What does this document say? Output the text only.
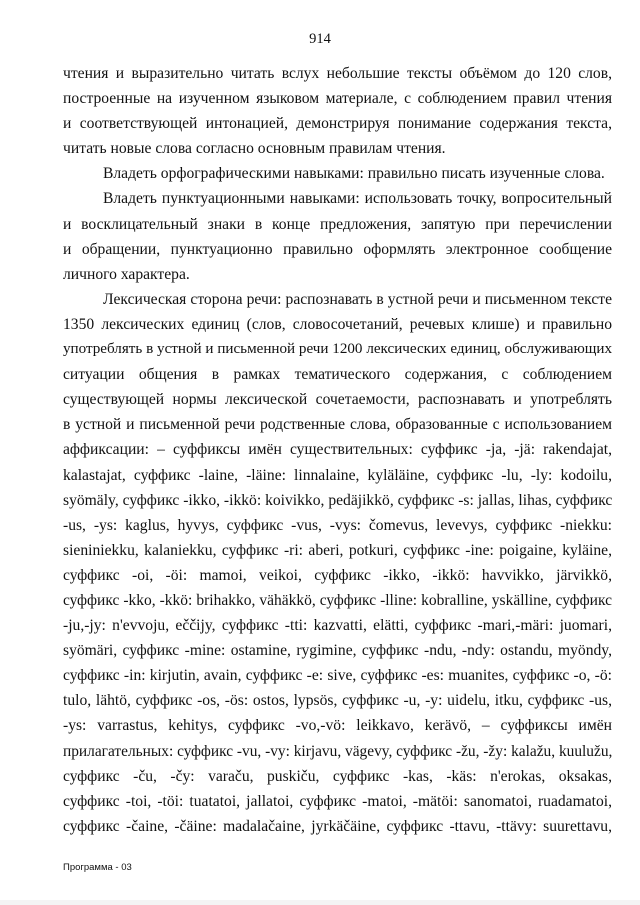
914
чтения и выразительно читать вслух небольшие тексты объёмом до 120 слов,
построенные на изученном языковом материале, с соблюдением правил чтения
и соответствующей интонацией, демонстрируя понимание содержания текста,
читать новые слова согласно основным правилам чтения.
Владеть орфографическими навыками: правильно писать изученные слова.
Владеть пунктуационными навыками: использовать точку, вопросительный
и восклицательный знаки в конце предложения, запятую при перечислении
и обращении, пунктуационно правильно оформлять электронное сообщение
личного характера.
Лексическая сторона речи: распознавать в устной речи и письменном тексте
1350 лексических единиц (слов, словосочетаний, речевых клише) и правильно
употреблять в устной и письменной речи 1200 лексических единиц, обслуживающих
ситуации общения в рамках тематического содержания, с соблюдением
существующей нормы лексической сочетаемости, распознавать и употреблять
в устной и письменной речи родственные слова, образованные с использованием
аффиксации: – суффиксы имён существительных: суффикс -ja, -jä: rakendajat,
kalastajat, суффикс -laine, -läine: linnalaine, kyläläine, суффикс -lu, -ly: kodoilu,
syömäly, суффикс -ikko, -ikkö: koivikko, pedäjikkö, суффикс -s: jallas, lihas, суффикс
-us, -ys: kaglus, hyvys, суффикс -vus, -vys: čomevus, levevys, суффикс -niekku:
sieniniekku, kalaniekku, суффикс -ri: aberi, potkuri, суффикс -ine: poigaine, kyläine,
суффикс -oi, -öi: mamoi, veikoi, суффикс -ikko, -ikkö: havvikko, järvikkö,
суффикс -kko, -kkö: brihakko, vähäkkö, суффикс -lline: kobralline, yskälline, суффикс
-ju,-jy: n'evvoju, eččijy, суффикс -tti: kazvatti, elätti, суффикс -mari,-märi: juomari,
syömäri, суффикс -mine: ostamine, rygimine, суффикс -ndu, -ndy: ostandu, myöndy,
суффикс -in: kirjutin, avain, суффикс -e: sive, суффикс -es: muanites, суффикс -o, -ö:
tulo, lähtö, суффикс -os, -ös: ostos, lypsös, суффикс -u, -y: uidelu, itku, суффикс -us,
-ys: varrastus, kehitys, суффикс -vo,-vö: leikkavo, kerävö, – суффиксы имён
прилагательных: суффикс -vu, -vy: kirjavu, vägevy, суффикс -žu, -žy: kalažu, kuulužu,
суффикс -ču, -čy: varaču, puskiču, суффикс -kas, -käs: n'erokas, oksakas,
суффикс -toi, -töi: tuatatoi, jallatoi, суффикс -matoi, -mätöi: sanomatoi, ruadamatoi,
суффикс -čaine, -čäine: madalačaine, jyrkäčäine, суффикс -ttavu, -ttävy: suurettavu,
Программа - 03
